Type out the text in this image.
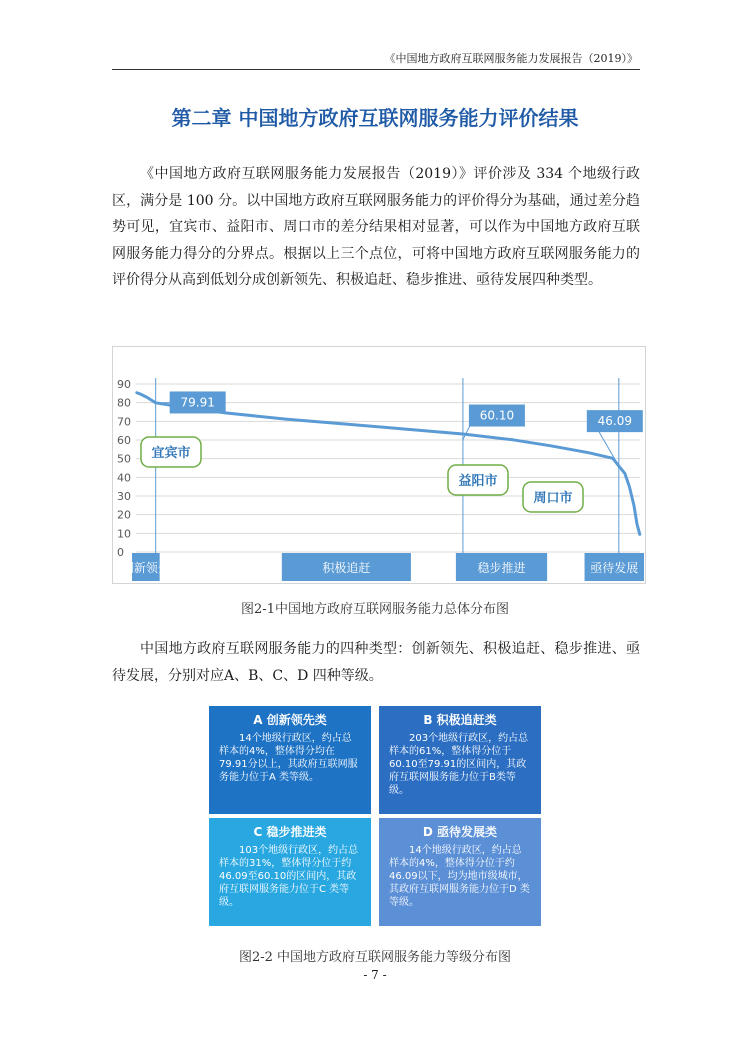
《中国地方政府互联网服务能力发展报告（2019）》
第二章 中国地方政府互联网服务能力评价结果

《中国地方政府互联网服务能力发展报告（2019）》评价涉及 334 个地级行政区，满分是 100 分。以中国地方政府互联网服务能力的评价得分为基础，通过差分趋势可见，宜宾市、益阳市、周口市的差分结果相对显著，可以作为中国地方政府互联网服务能力得分的分界点。根据以上三个点位，可将中国地方政府互联网服务能力的评价得分从高到低划分成创新领先、积极追赶、稳步推进、亟待发展四种类型。

0
10
20
30
40
50
60
70
80
90
创新领先	积极追赶	稳步推进	亟待发展
79.91
60.10	46.09
宜宾市
益阳市
周口市
图2-1中国地方政府互联网服务能力总体分布图

中国地方政府互联网服务能力的四种类型：创新领先、积极追赶、稳步推进、亟待发展，分别对应A、B、C、D 四种等级。

A 创新领先类
14个地级行政区，约占总样本的4%，整体得分均在79.91分以上，其政府互联网服务能力位于A 类等级。
B 积极追赶类
203个地级行政区，约占总样本的61%，整体得分位于60.10至79.91的区间内，其政府互联网服务能力位于B类等级。
C 稳步推进类
103个地级行政区，约占总样本的31%，整体得分位于约46.09至60.10的区间内，其政府互联网服务能力位于C 类等级。
D 亟待发展类
14个地级行政区，约占总样本的4%，整体得分位于约46.09以下，均为地市级城市，其政府互联网服务能力位于D 类等级。
图2-2 中国地方政府互联网服务能力等级分布图
- 7 -
